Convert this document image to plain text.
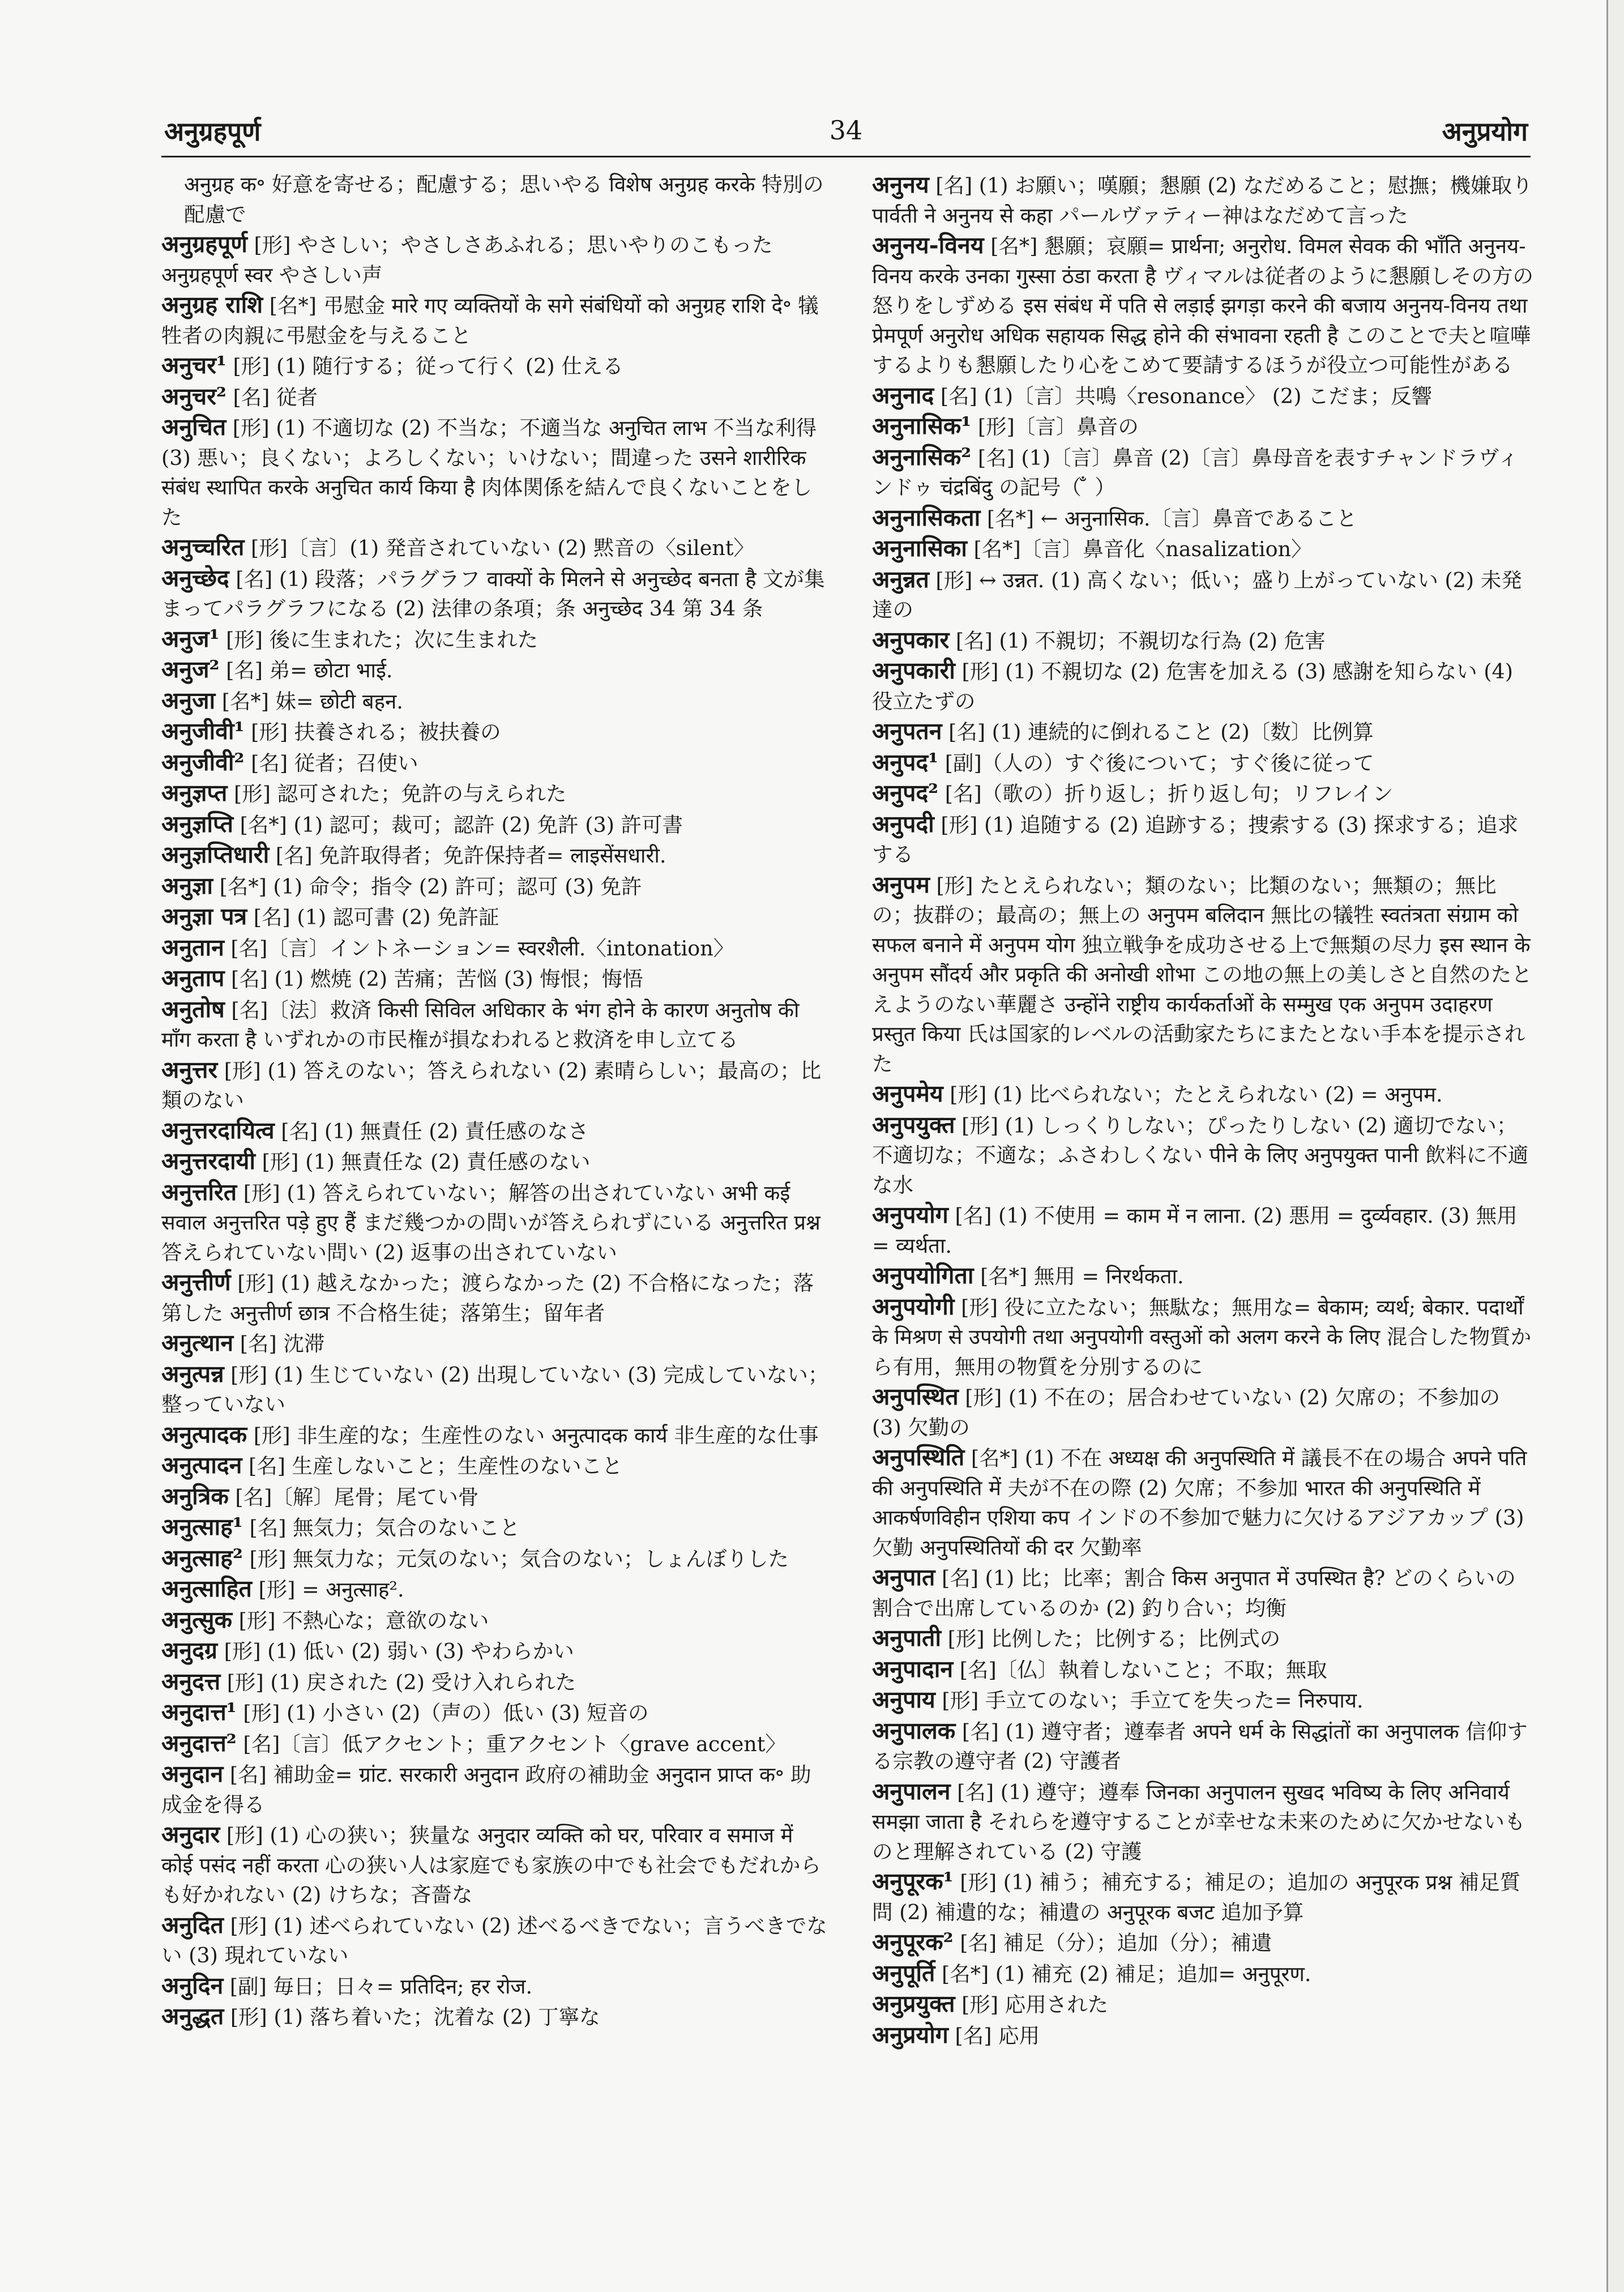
अनुग्रहपूर्ण	34	अनुप्रयोग

अनुग्रह क॰ 好意を寄せる；配慮する；思いやる विशेष अनुग्रह करके 特別の配慮で

अनुग्रहपूर्ण [形] やさしい；やさしさあふれる；思いやりのこもった अनुग्रहपूर्ण स्वर やさしい声

अनुग्रह राशि [名*] 弔慰金 मारे गए व्यक्तियों के सगे संबंधियों को अनुग्रह राशि दे॰ 犠牲者の肉親に弔慰金を与えること

अनुचर¹ [形] (1) 随行する；従って行く (2) 仕える

अनुचर² [名] 従者

अनुचित [形] (1) 不適切な (2) 不当な；不適当な अनुचित लाभ 不当な利得 (3) 悪い；良くない；よろしくない；いけない；間違った उसने शारीरिक संबंध स्थापित करके अनुचित कार्य किया है 肉体関係を結んで良くないことをした

अनुच्चरित [形]〔言〕(1) 発音されていない (2) 黙音の〈silent〉

अनुच्छेद [名] (1) 段落；パラグラフ वाक्यों के मिलने से अनुच्छेद बनता है 文が集まってパラグラフになる (2) 法律の条項；条 अनुच्छेद 34 第 34 条

अनुज¹ [形] 後に生まれた；次に生まれた

अनुज² [名] 弟= छोटा भाई.

अनुजा [名*] 妹= छोटी बहन.

अनुजीवी¹ [形] 扶養される；被扶養の

अनुजीवी² [名] 従者；召使い

अनुज्ञप्त [形] 認可された；免許の与えられた

अनुज्ञप्ति [名*] (1) 認可；裁可；認許 (2) 免許 (3) 許可書

अनुज्ञप्तिधारी [名] 免許取得者；免許保持者= लाइसेंसधारी.

अनुज्ञा [名*] (1) 命令；指令 (2) 許可；認可 (3) 免許

अनुज्ञा पत्र [名] (1) 認可書 (2) 免許証

अनुतान [名]〔言〕イントネーション= स्वरशैली.〈intonation〉

अनुताप [名] (1) 燃焼 (2) 苦痛；苦悩 (3) 悔恨；悔悟

अनुतोष [名]〔法〕救済 किसी सिविल अधिकार के भंग होने के कारण अनुतोष की माँग करता है いずれかの市民権が損なわれると救済を申し立てる

अनुत्तर [形] (1) 答えのない；答えられない (2) 素晴らしい；最高の；比類のない

अनुत्तरदायित्व [名] (1) 無責任 (2) 責任感のなさ

अनुत्तरदायी [形] (1) 無責任な (2) 責任感のない

अनुत्तरित [形] (1) 答えられていない；解答の出されていない अभी कई सवाल अनुत्तरित पड़े हुए हैं まだ幾つかの問いが答えられずにいる अनुत्तरित प्रश्न 答えられていない問い (2) 返事の出されていない

अनुत्तीर्ण [形] (1) 越えなかった；渡らなかった (2) 不合格になった；落第した अनुत्तीर्ण छात्र 不合格生徒；落第生；留年者

अनुत्थान [名] 沈滞

अनुत्पन्न [形] (1) 生じていない (2) 出現していない (3) 完成していない；整っていない

अनुत्पादक [形] 非生産的な；生産性のない अनुत्पादक कार्य 非生産的な仕事

अनुत्पादन [名] 生産しないこと；生産性のないこと

अनुत्रिक [名]〔解〕尾骨；尾てい骨

अनुत्साह¹ [名] 無気力；気合のないこと

अनुत्साह² [形] 無気力な；元気のない；気合のない；しょんぼりした

अनुत्साहित [形] = अनुत्साह².

अनुत्सुक [形] 不熱心な；意欲のない

अनुदग्र [形] (1) 低い (2) 弱い (3) やわらかい

अनुदत्त [形] (1) 戻された (2) 受け入れられた

अनुदात्त¹ [形] (1) 小さい (2)（声の）低い (3) 短音の

अनुदात्त² [名]〔言〕低アクセント；重アクセント〈grave accent〉

अनुदान [名] 補助金= ग्रांट. सरकारी अनुदान 政府の補助金 अनुदान प्राप्त क॰ 助成金を得る

अनुदार [形] (1) 心の狭い；狭量な अनुदार व्यक्ति को घर, परिवार व समाज में कोई पसंद नहीं करता 心の狭い人は家庭でも家族の中でも社会でもだれからも好かれない (2) けちな；吝嗇な

अनुदित [形] (1) 述べられていない (2) 述べるべきでない；言うべきでない (3) 現れていない

अनुदिन [副] 毎日；日々= प्रतिदिन; हर रोज.

अनुद्धत [形] (1) 落ち着いた；沈着な (2) 丁寧な

अनुनय [名] (1) お願い；嘆願；懇願 (2) なだめること；慰撫；機嫌取り पार्वती ने अनुनय से कहा パールヴァティー神はなだめて言った

अनुनय-विनय [名*] 懇願；哀願= प्रार्थना; अनुरोध. विमल सेवक की भाँति अनुनय-विनय करके उनका गुस्सा ठंडा करता है ヴィマルは従者のように懇願しその方の怒りをしずめる इस संबंध में पति से लड़ाई झगड़ा करने की बजाय अनुनय-विनय तथा प्रेमपूर्ण अनुरोध अधिक सहायक सिद्ध होने की संभावना रहती है このことで夫と喧嘩するよりも懇願したり心をこめて要請するほうが役立つ可能性がある

अनुनाद [名] (1)〔言〕共鳴〈resonance〉 (2) こだま；反響

अनुनासिक¹ [形]〔言〕鼻音の

अनुनासिक² [名] (1)〔言〕鼻音 (2)〔言〕鼻母音を表すチャンドラヴィンドゥ चंद्रबिंदु の記号（ ̐ ）

अनुनासिकता [名*] ← अनुनासिक.〔言〕鼻音であること

अनुनासिका [名*]〔言〕鼻音化〈nasalization〉

अनुन्नत [形] ↔ उन्नत. (1) 高くない；低い；盛り上がっていない (2) 未発達の

अनुपकार [名] (1) 不親切；不親切な行為 (2) 危害

अनुपकारी [形] (1) 不親切な (2) 危害を加える (3) 感謝を知らない (4) 役立たずの

अनुपतन [名] (1) 連続的に倒れること (2)〔数〕比例算

अनुपद¹ [副]（人の）すぐ後について；すぐ後に従って

अनुपद² [名]（歌の）折り返し；折り返し句；リフレイン

अनुपदी [形] (1) 追随する (2) 追跡する；捜索する (3) 探求する；追求する

अनुपम [形] たとえられない；類のない；比類のない；無類の；無比の；抜群の；最高の；無上の अनुपम बलिदान 無比の犠牲 स्वतंत्रता संग्राम को सफल बनाने में अनुपम योग 独立戦争を成功させる上で無類の尽力 इस स्थान के अनुपम सौंदर्य और प्रकृति की अनोखी शोभा この地の無上の美しさと自然のたとえようのない華麗さ उन्होंने राष्ट्रीय कार्यकर्ताओं के सम्मुख एक अनुपम उदाहरण प्रस्तुत किया 氏は国家的レベルの活動家たちにまたとない手本を提示された

अनुपमेय [形] (1) 比べられない；たとえられない (2) = अनुपम.

अनुपयुक्त [形] (1) しっくりしない；ぴったりしない (2) 適切でない；不適切な；不適な；ふさわしくない पीने के लिए अनुपयुक्त पानी 飲料に不適な水

अनुपयोग [名] (1) 不使用 = काम में न लाना. (2) 悪用 = दुर्व्यवहार. (3) 無用 = व्यर्थता.

अनुपयोगिता [名*] 無用 = निरर्थकता.

अनुपयोगी [形] 役に立たない；無駄な；無用な= बेकाम; व्यर्थ; बेकार. पदार्थों के मिश्रण से उपयोगी तथा अनुपयोगी वस्तुओं को अलग करने के लिए 混合した物質から有用，無用の物質を分別するのに

अनुपस्थित [形] (1) 不在の；居合わせていない (2) 欠席の；不参加の (3) 欠勤の

अनुपस्थिति [名*] (1) 不在 अध्यक्ष की अनुपस्थिति में 議長不在の場合 अपने पति की अनुपस्थिति में 夫が不在の際 (2) 欠席；不参加 भारत की अनुपस्थिति में आकर्षणविहीन एशिया कप インドの不参加で魅力に欠けるアジアカップ (3) 欠勤 अनुपस्थितियों की दर 欠勤率

अनुपात [名] (1) 比；比率；割合 किस अनुपात में उपस्थित है? どのくらいの割合で出席しているのか (2) 釣り合い；均衡

अनुपाती [形] 比例した；比例する；比例式の

अनुपादान [名]〔仏〕執着しないこと；不取；無取

अनुपाय [形] 手立てのない；手立てを失った= निरुपाय.

अनुपालक [名] (1) 遵守者；遵奉者 अपने धर्म के सिद्धांतों का अनुपालक 信仰する宗教の遵守者 (2) 守護者

अनुपालन [名] (1) 遵守；遵奉 जिनका अनुपालन सुखद भविष्य के लिए अनिवार्य समझा जाता है それらを遵守することが幸せな未来のために欠かせないものと理解されている (2) 守護

अनुपूरक¹ [形] (1) 補う；補充する；補足の；追加の अनुपूरक प्रश्न 補足質問 (2) 補遺的な；補遺の अनुपूरक बजट 追加予算

अनुपूरक² [名] 補足（分）；追加（分）；補遺

अनुपूर्ति [名*] (1) 補充 (2) 補足；追加= अनुपूरण.

अनुप्रयुक्त [形] 応用された

अनुप्रयोग [名] 応用
